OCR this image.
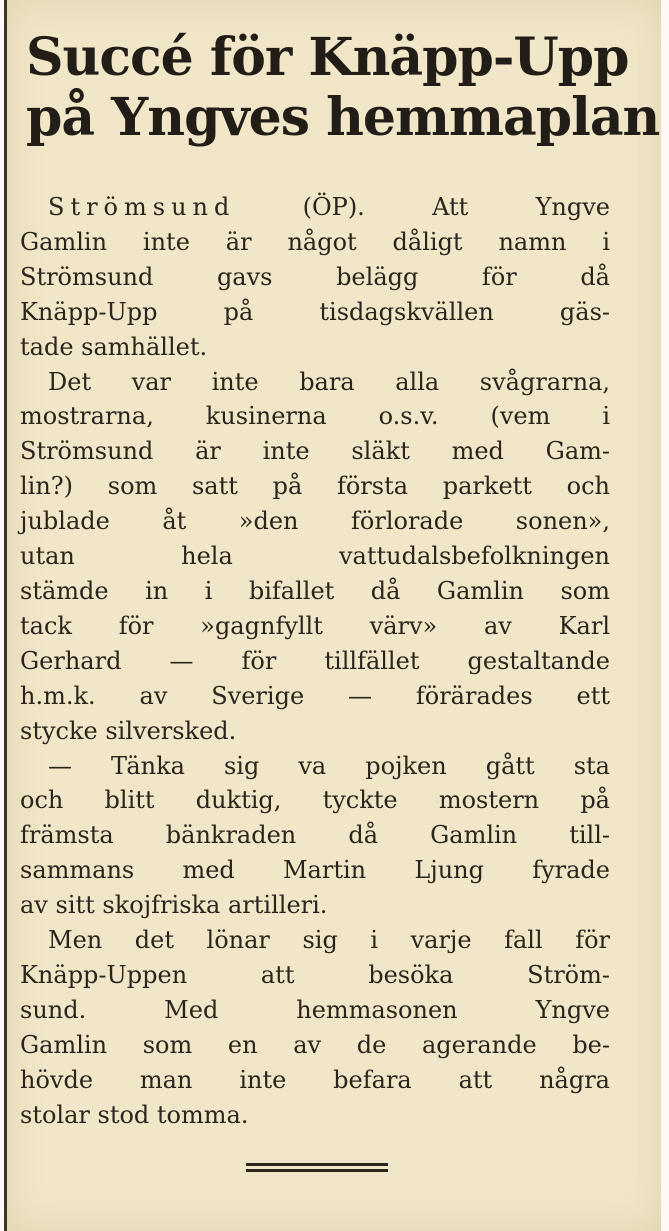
Succé för Knäpp-Upp
på Yngves hemmaplan

Strömsund (ÖP). Att Yngve
Gamlin inte är något dåligt namn i
Strömsund gavs belägg för då
Knäpp-Upp på tisdagskvällen gäs-
tade samhället.

Det var inte bara alla svågrarna,
mostrarna, kusinerna o.s.v. (vem i
Strömsund är inte släkt med Gam-
lin?) som satt på första parkett och
jublade åt »den förlorade sonen»,
utan hela vattudalsbefolkningen
stämde in i bifallet då Gamlin som
tack för »gagnfyllt värv» av Karl
Gerhard — för tillfället gestaltande
h.m.k. av Sverige — förärades ett
stycke silversked.

— Tänka sig va pojken gått sta
och blitt duktig, tyckte mostern på
främsta bänkraden då Gamlin till-
sammans med Martin Ljung fyrade
av sitt skojfriska artilleri.

Men det lönar sig i varje fall för
Knäpp-Uppen att besöka Ström-
sund. Med hemmasonen Yngve
Gamlin som en av de agerande be-
hövde man inte befara att några
stolar stod tomma.
